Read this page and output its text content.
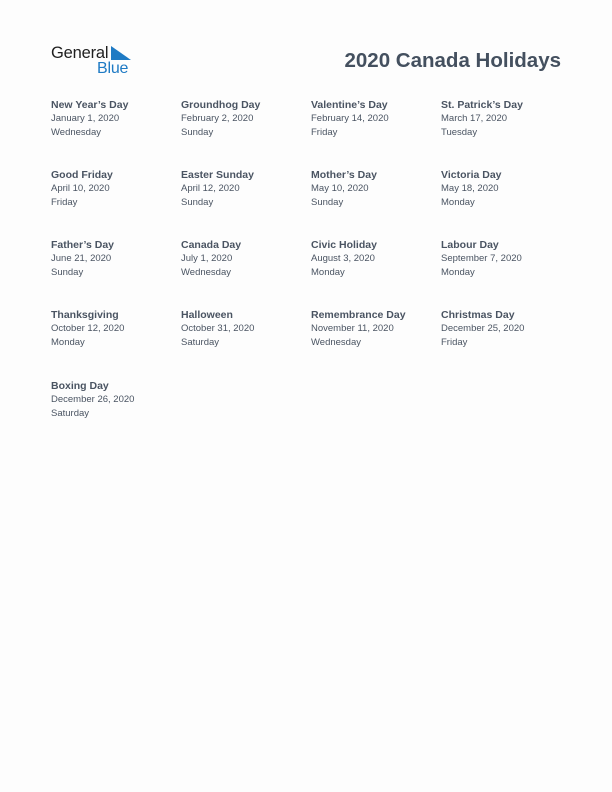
General
Blue	2020 Canada Holidays
New Year’s Day
January 1, 2020
Wednesday
Groundhog Day
February 2, 2020
Sunday
Valentine’s Day
February 14, 2020
Friday
St. Patrick’s Day
March 17, 2020
Tuesday
Good Friday
April 10, 2020
Friday
Easter Sunday
April 12, 2020
Sunday
Mother’s Day
May 10, 2020
Sunday
Victoria Day
May 18, 2020
Monday
Father’s Day
June 21, 2020
Sunday
Canada Day
July 1, 2020
Wednesday
Civic Holiday
August 3, 2020
Monday
Labour Day
September 7, 2020
Monday
Thanksgiving
October 12, 2020
Monday
Halloween
October 31, 2020
Saturday
Remembrance Day
November 11, 2020
Wednesday
Christmas Day
December 25, 2020
Friday
Boxing Day
December 26, 2020
Saturday
